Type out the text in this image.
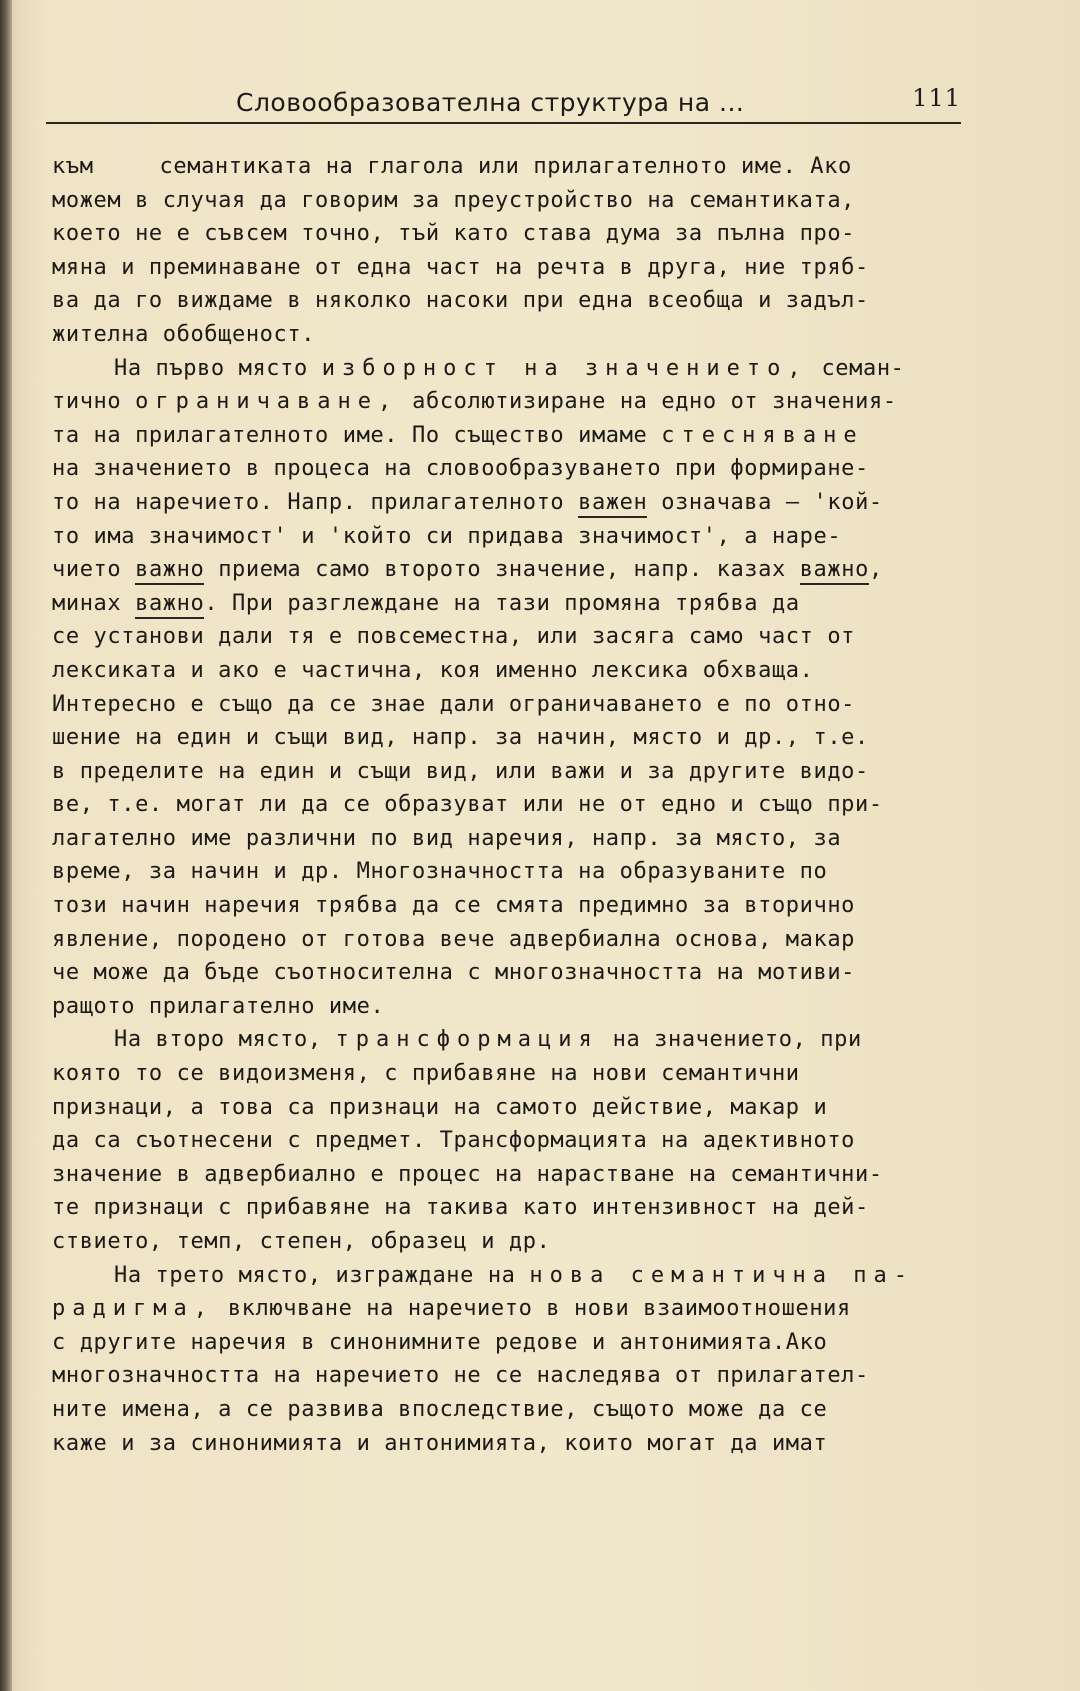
Словообразователна структура на ...	111
към	семантиката на глагола или прилагателното име. Ако
можем в случая да говорим за преустройство на семантиката,
което не е съвсем точно, тъй като става дума за пълна про-
мяна и преминаване от една част на речта в друга, ние тряб-
ва да го виждаме в няколко насоки при една всеобща и задъл-
жителна обобщеност.
На първо място изборност на значението, семан-
тично ограничаване, абсолютизиране на едно от значения-
та на прилагателното име. По същество имаме стесняване
на значението в процеса на словообразуването при формиране-
то на наречието. Напр. прилагателното важен означава – 'кой-
то има значимост' и 'който си придава значимост', а наре-
чието важно приема само второто значение, напр. казах важно,
минах важно. При разглеждане на тази промяна трябва да
се установи дали тя е повсеместна, или засяга само част от
лексиката и ако е частична, коя именно лексика обхваща.
Интересно е също да се знае дали ограничаването е по отно-
шение на един и същи вид, напр. за начин, място и др., т.е.
в пределите на един и същи вид, или важи и за другите видо-
ве, т.е. могат ли да се образуват или не от едно и също при-
лагателно име различни по вид наречия, напр. за място, за
време, за начин и др. Многозначността на образуваните по
този начин наречия трябва да се смята предимно за вторично
явление, породено от готова вече адвербиална основа, макар
че може да бъде съотносителна с многозначността на мотиви-
ращото прилагателно име.
На второ място, трансформация на значението, при
която то се видоизменя, с прибавяне на нови семантични
признаци, а това са признаци на самото действие, макар и
да са съотнесени с предмет. Трансформацията на адективното
значение в адвербиално е процес на нарастване на семантични-
те признаци с прибавяне на такива като интензивност на дей-
ствието, темп, степен, образец и др.
На трето място, изграждане на нова семантична па-
радигма, включване на наречието в нови взаимоотношения
с другите наречия в синонимните редове и антонимията.Ако
многозначността на наречието не се наследява от прилагател-
ните имена, а се развива впоследствие, същото може да се
каже и за синонимията и антонимията, които могат да имат
